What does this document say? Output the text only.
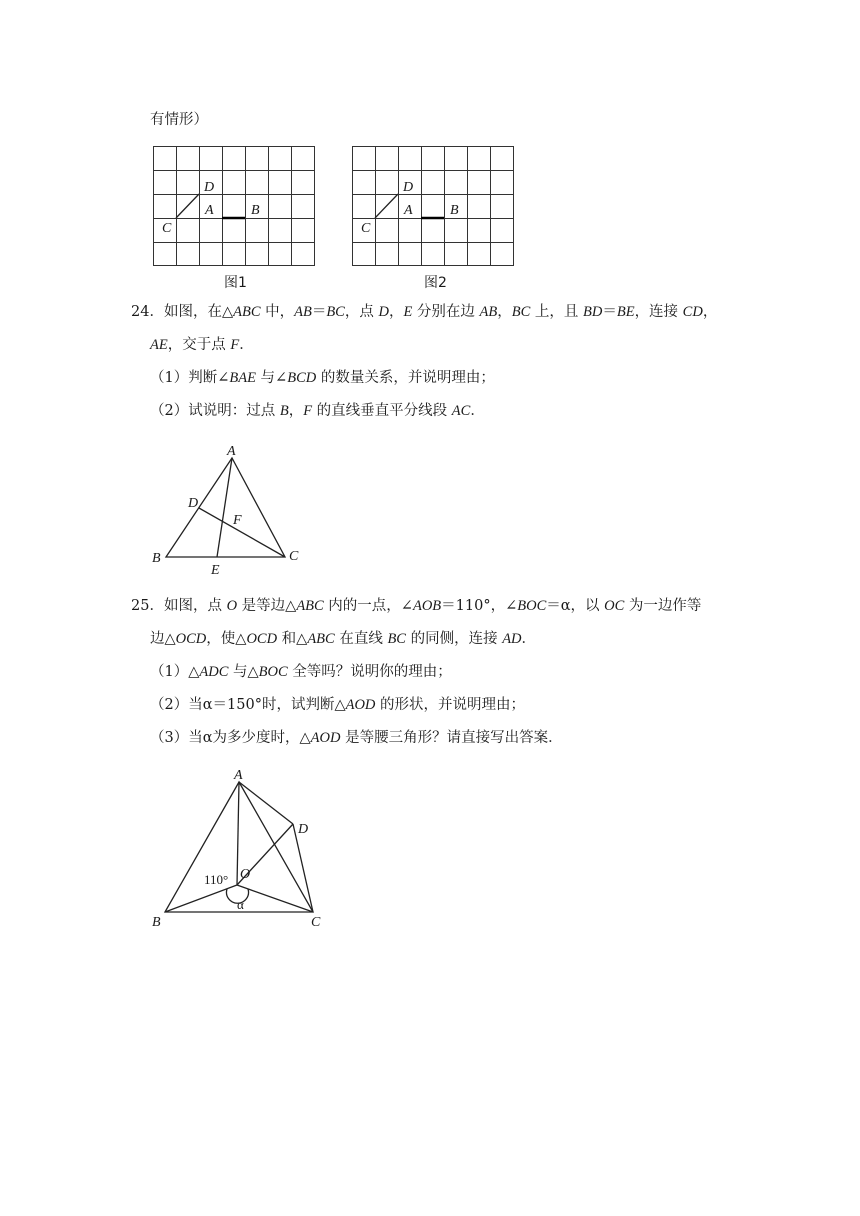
有情形）
D
A	B
C
图1
D
A	B
C
图2
24．如图，在△ABC 中，AB＝BC，点 D，E 分别在边 AB，BC 上，且 BD＝BE，连接 CD，
AE，交于点 F．
（1）判断∠BAE 与∠BCD 的数量关系，并说明理由；
（2）试说明：过点 B，F 的直线垂直平分线段 AC．
A
B	C
D
E
F
25．如图，点 O 是等边△ABC 内的一点，∠AOB＝110°，∠BOC＝α，以 OC 为一边作等
边△OCD，使△OCD 和△ABC 在直线 BC 的同侧，连接 AD．
（1）△ADC 与△BOC 全等吗？说明你的理由；
（2）当α＝150°时，试判断△AOD 的形状，并说明理由；
（3）当α为多少度时，△AOD 是等腰三角形？请直接写出答案．
A
B	C
D
O
110°
α
